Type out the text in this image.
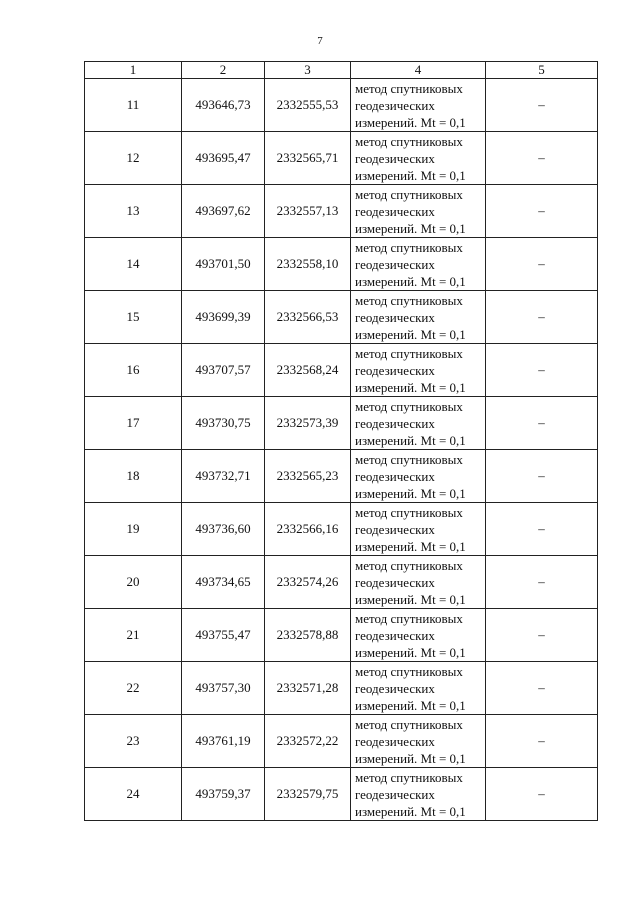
7
1	2	3	4	5
11	493646,73	2332555,53	метод спутниковых
геодезических
измерений. Mt = 0,1	–
12	493695,47	2332565,71	метод спутниковых
геодезических
измерений. Mt = 0,1	–
13	493697,62	2332557,13	метод спутниковых
геодезических
измерений. Mt = 0,1	–
14	493701,50	2332558,10	метод спутниковых
геодезических
измерений. Mt = 0,1	–
15	493699,39	2332566,53	метод спутниковых
геодезических
измерений. Mt = 0,1	–
16	493707,57	2332568,24	метод спутниковых
геодезических
измерений. Mt = 0,1	–
17	493730,75	2332573,39	метод спутниковых
геодезических
измерений. Mt = 0,1	–
18	493732,71	2332565,23	метод спутниковых
геодезических
измерений. Mt = 0,1	–
19	493736,60	2332566,16	метод спутниковых
геодезических
измерений. Mt = 0,1	–
20	493734,65	2332574,26	метод спутниковых
геодезических
измерений. Mt = 0,1	–
21	493755,47	2332578,88	метод спутниковых
геодезических
измерений. Mt = 0,1	–
22	493757,30	2332571,28	метод спутниковых
геодезических
измерений. Mt = 0,1	–
23	493761,19	2332572,22	метод спутниковых
геодезических
измерений. Mt = 0,1	–
24	493759,37	2332579,75	метод спутниковых
геодезических
измерений. Mt = 0,1	–
